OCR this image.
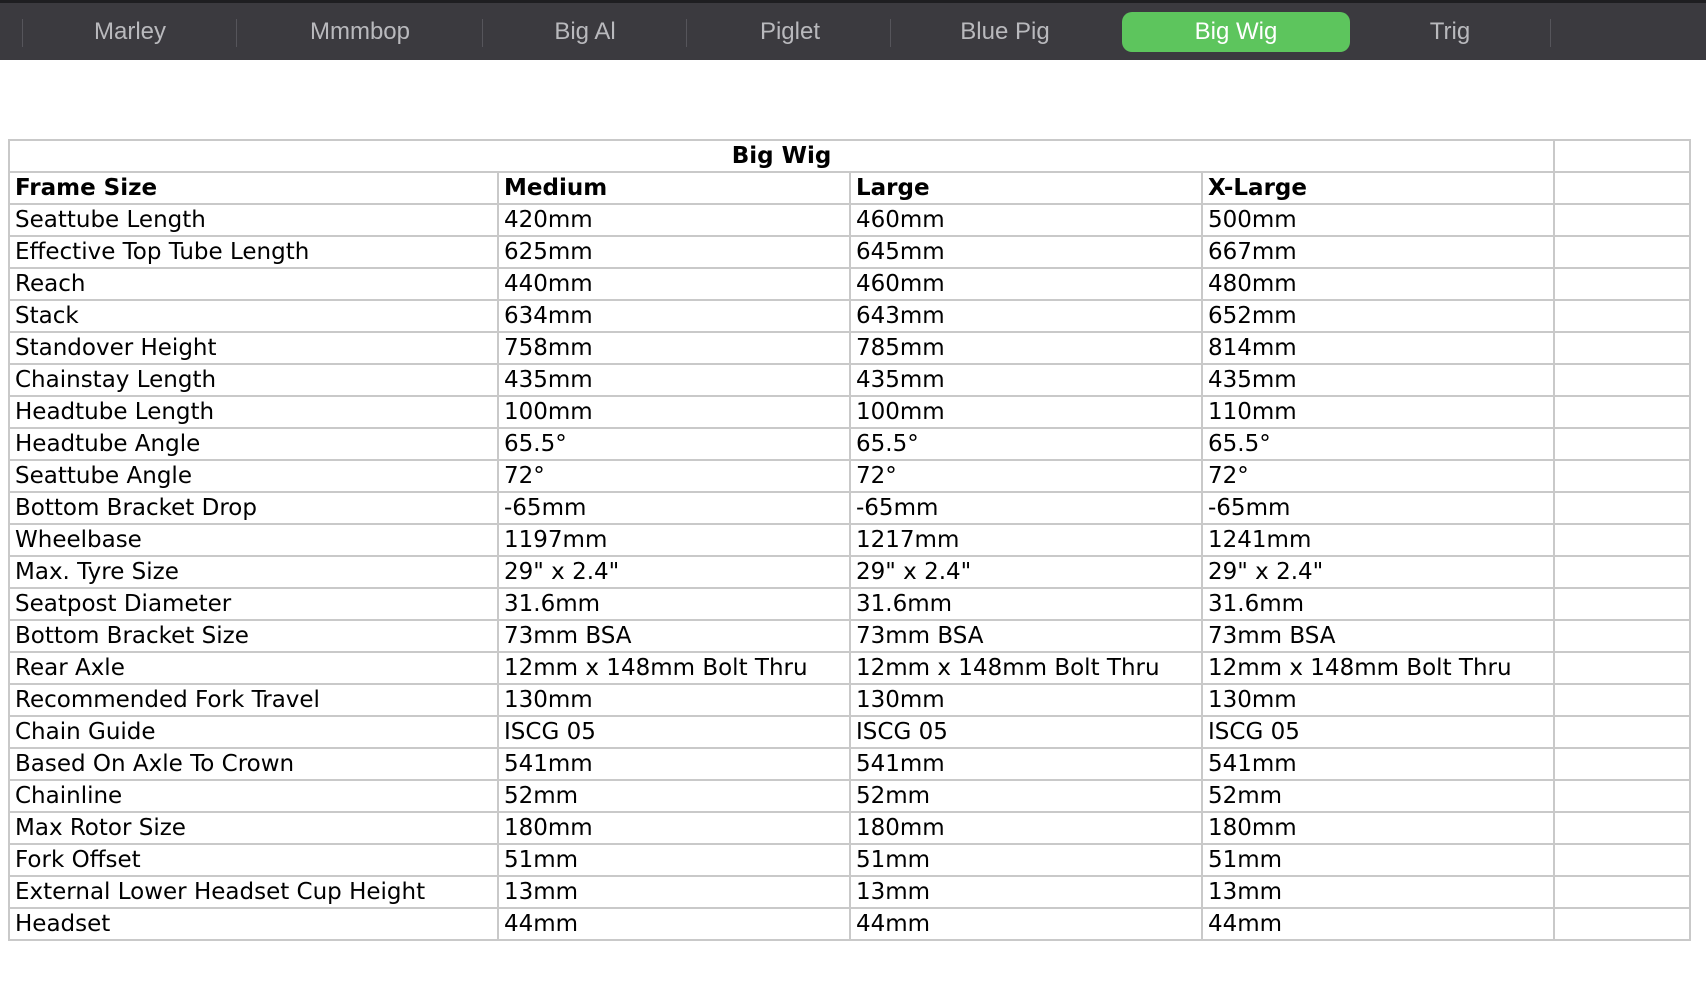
Marley	Mmmbop	Big Al	Piglet	Blue Pig	Big Wig	Trig
Big Wig				
Frame Size	Medium	Large	X-Large	
Seattube Length	420mm	460mm	500mm	
Effective Top Tube Length	625mm	645mm	667mm	
Reach	440mm	460mm	480mm	
Stack	634mm	643mm	652mm	
Standover Height	758mm	785mm	814mm	
Chainstay Length	435mm	435mm	435mm	
Headtube Length	100mm	100mm	110mm	
Headtube Angle	65.5°	65.5°	65.5°	
Seattube Angle	72°	72°	72°	
Bottom Bracket Drop	-65mm	-65mm	-65mm	
Wheelbase	1197mm	1217mm	1241mm	
Max. Tyre Size	29" x 2.4"	29" x 2.4"	29" x 2.4"	
Seatpost Diameter	31.6mm	31.6mm	31.6mm	
Bottom Bracket Size	73mm BSA	73mm BSA	73mm BSA	
Rear Axle	12mm x 148mm Bolt Thru	12mm x 148mm Bolt Thru	12mm x 148mm Bolt Thru	
Recommended Fork Travel	130mm	130mm	130mm	
Chain Guide	ISCG 05	ISCG 05	ISCG 05	
Based On Axle To Crown	541mm	541mm	541mm	
Chainline	52mm	52mm	52mm	
Max Rotor Size	180mm	180mm	180mm	
Fork Offset	51mm	51mm	51mm	
External Lower Headset Cup Height	13mm	13mm	13mm	
Headset	44mm	44mm	44mm	
